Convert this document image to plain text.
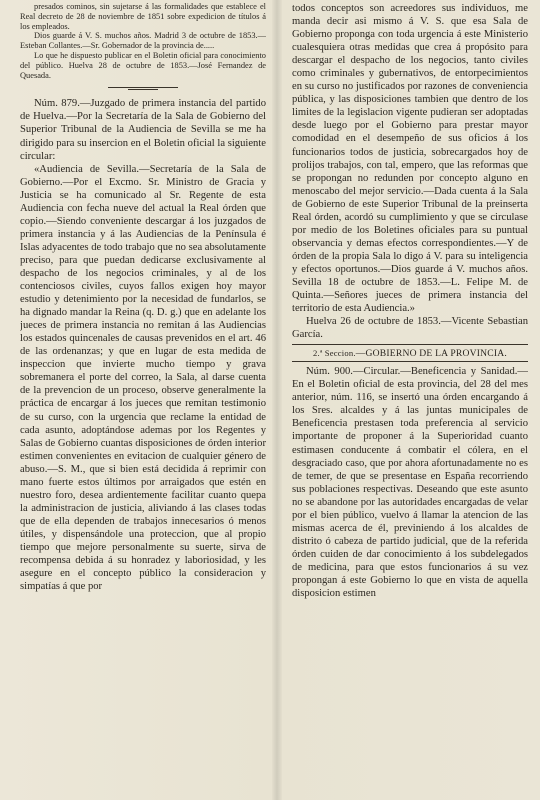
presados cominos, sin sujetarse á las formalidades que establece el Real decreto de 28 de noviembre de 1851 sobre expedicion de títulos á los empleados.

Dios guarde á V. S. muchos años. Madrid 3 de octubre de 1853.—Esteban Collantes.—Sr. Gobernador de la provincia de.....

Lo que he dispuesto publicar en el Boletin oficial para conocimiento del público. Huelva 28 de octubre de 1853.—José Fernandez de Quesada.

Núm. 879.—Juzgado de primera instancia del partido de Huelva.—Por la Secretaría de la Sala de Gobierno del Superior Tribunal de la Audiencia de Sevilla se me ha dirigido para su insercion en el Boletin oficial la siguiente circular:

«Audiencia de Sevilla.—Secretaría de la Sala de Gobierno.—Por el Excmo. Sr. Ministro de Gracia y Justicia se ha comunicado al Sr. Regente de esta Audiencia con fecha nueve del actual la Real órden que copio.—Siendo conveniente descargar á los juzgados de primera instancia y á las Audiencias de la Península é Islas adyacentes de todo trabajo que no sea absolutamente preciso, para que puedan dedicarse exclusivamente al despacho de los negocios criminales, y al de los contenciosos civiles, cuyos fallos exigen hoy mayor estudio y detenimiento por la necesidad de fundarlos, se ha dignado mandar la Reina (q. D. g.) que en adelante los jueces de primera instancia no remitan á las Audiencias los estados quincenales de causas prevenidos en el art. 46 de las ordenanzas; y que en lugar de esta medida de inspeccion que invierte mucho tiempo y grava sobremanera el porte del correo, la Sala, al darse cuenta de la prevencion de un proceso, observe generalmente la práctica de encargar á los jueces que remitan testimonio de su curso, con la urgencia que reclame la entidad de cada asunto, adoptándose ademas por los Regentes y Salas de Gobierno cuantas disposiciones de órden interior estimen convenientes en evitacion de cualquier género de abuso.—S. M., que si bien está decidida á reprimir con mano fuerte estos últimos por arraigados que estén en nuestro foro, desea ardientemente facilitar cuanto quepa la administracion de justicia, aliviando á las clases todas que de ella dependen de trabajos innecesarios ó menos útiles, y dispensándole una proteccion, que al propio tiempo que mejore personalmente su suerte, sirva de recompensa debida á su honradez y laboriosidad, y les asegure en el concepto público la consideracion y simpatías á que por

todos conceptos son acreedores sus individuos, me manda decir asi mismo á V. S. que esa Sala de Gobierno proponga con toda urgencia á este Ministerio cualesquiera otras medidas que crea á propósito para descargar el despacho de los negocios, tanto civiles como criminales y gubernativos, de entorpecimientos en su curso no justificados por razones de conveniencia pública, y las disposiciones tambien que dentro de los limites de la legislacion vigente pudieran ser adoptadas desde luego por el Gobierno para prestar mayor comodidad en el desempeño de sus oficios á los funcionarios todos de justicia, sobrecargados hoy de prolijos trabajos, con tal, empero, que las reformas que se propongan no redunden por concepto alguno en menoscabo del mejor servicio.—Dada cuenta á la Sala de Gobierno de este Superior Tribunal de la preinserta Real órden, acordó su cumplimiento y que se circulase por medio de los Boletines oficiales para su puntual observancia y demas efectos correspondientes.—Y de órden de la propia Sala lo digo á V. para su inteligencia y efectos oportunos.—Dios guarde á V. muchos años. Sevilla 18 de octubre de 1853.—L. Felipe M. de Quinta.—Señores jueces de primera instancia del territorio de esta Audiencia.»

Huelva 26 de octubre de 1853.—Vicente Sebastian García.

2.ª Seccion.—GOBIERNO DE LA PROVINCIA.

Núm. 900.—Circular.—Beneficencia y Sanidad.—En el Boletin oficial de esta provincia, del 28 del mes anterior, núm. 116, se insertó una órden encargando á los Sres. alcaldes y á las juntas municipales de Beneficencia prestasen toda preferencia al servicio importante de proponer á la Superioridad cuanto estimasen conducente á combatir el cólera, en el desgraciado caso, que por ahora afortunadamente no es de temer, de que se presentase en España recorriendo sus poblaciones respectivas. Deseando que este asunto no se abandone por las autoridades encargadas de velar por el bien público, vuelvo á llamar la atencion de las mismas acerca de él, previniendo á los alcaldes de distrito ó cabeza de partido judicial, que de la referida órden cuiden de dar conocimiento á los subdelegados de medicina, para que estos funcionarios á su vez propongan á este Gobierno lo que en vista de aquella disposicion estimen
